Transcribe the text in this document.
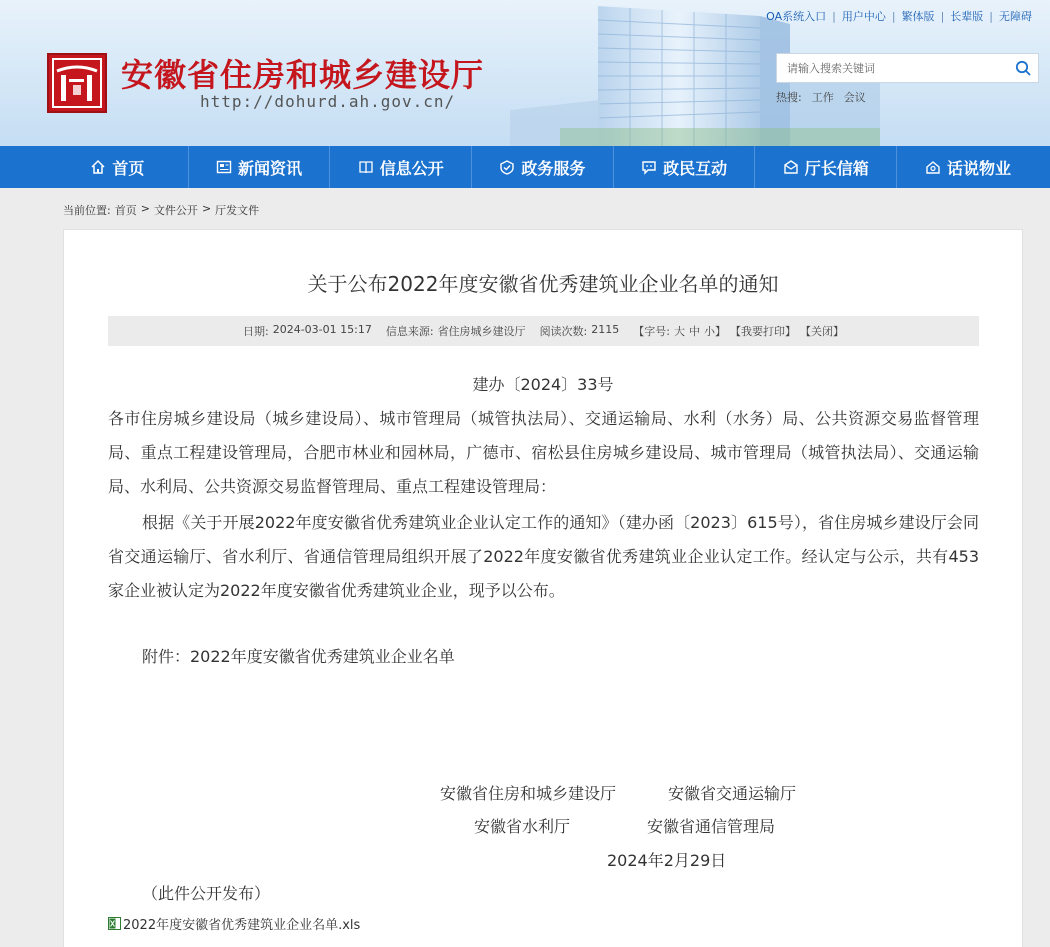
OA系统入口 | 用户中心 | 繁体版 | 长辈版 | 无障碍
安徽省住房和城乡建设厅
http://dohurd.ah.gov.cn/
请输入搜索关键词	热搜: 工作 会议
首页	新闻资讯	信息公开	政务服务	政民互动	厅长信箱	话说物业
当前位置: 首页 > 文件公开 > 厅发文件
关于公布2022年度安徽省优秀建筑业企业名单的通知
日期: 2024-03-01 15:17 信息来源: 省住房城乡建设厅 阅读次数: 2115 【字号: 大 中 小】 【我要打印】 【关闭】
建办〔2024〕33号
各市住房城乡建设局（城乡建设局）、城市管理局（城管执法局）、交通运输局、水利（水务）局、公共资源交易监督管理局、重点工程建设管理局，合肥市林业和园林局，广德市、宿松县住房城乡建设局、城市管理局（城管执法局）、交通运输局、水利局、公共资源交易监督管理局、重点工程建设管理局：
根据《关于开展2022年度安徽省优秀建筑业企业认定工作的通知》（建办函〔2023〕615号），省住房城乡建设厅会同省交通运输厅、省水利厅、省通信管理局组织开展了2022年度安徽省优秀建筑业企业认定工作。经认定与公示，共有453家企业被认定为2022年度安徽省优秀建筑业企业，现予以公布。
附件：2022年度安徽省优秀建筑业企业名单
安徽省住房和城乡建设厅	安徽省交通运输厅
安徽省水利厅	安徽省通信管理局
2024年2月29日
（此件公开发布）
2022年度安徽省优秀建筑业企业名单.xls
